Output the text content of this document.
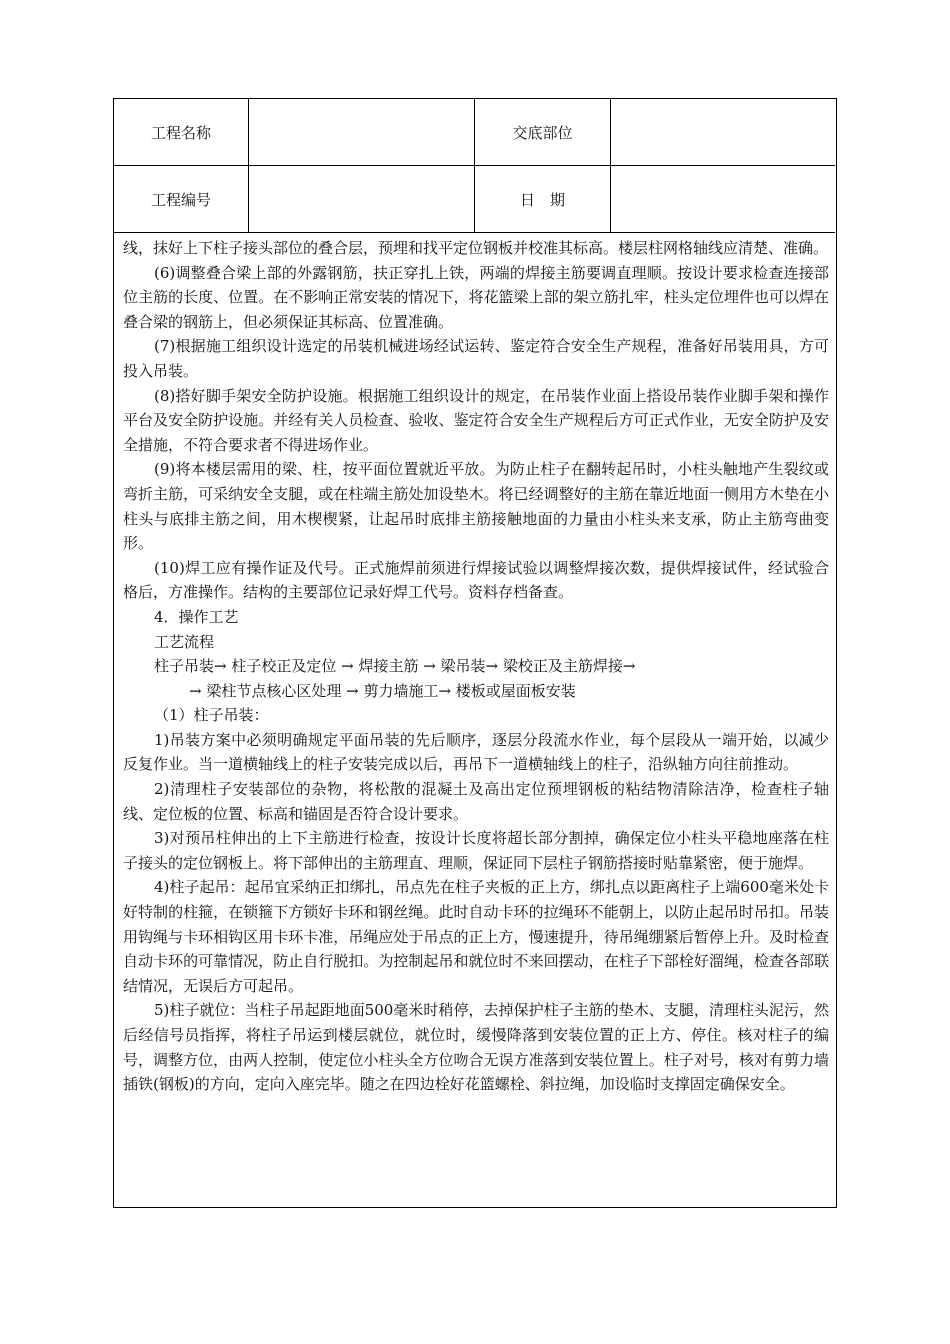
工程名称	交底部位
工程编号	日　期

线，抹好上下柱子接头部位的叠合层，预埋和找平定位钢板并校准其标高。楼层柱网格轴线应清楚、准确。

(6)调整叠合梁上部的外露钢筋，扶正穿扎上铁，两端的焊接主筋要调直理顺。按设计要求检查连接部位主筋的长度、位置。在不影响正常安装的情况下，将花篮梁上部的架立筋扎牢，柱头定位埋件也可以焊在叠合梁的钢筋上，但必须保证其标高、位置准确。

(7)根据施工组织设计选定的吊装机械进场经试运转、鉴定符合安全生产规程，准备好吊装用具，方可投入吊装。

(8)搭好脚手架安全防护设施。根据施工组织设计的规定，在吊装作业面上搭设吊装作业脚手架和操作平台及安全防护设施。并经有关人员检查、验收、鉴定符合安全生产规程后方可正式作业，无安全防护及安全措施，不符合要求者不得进场作业。

(9)将本楼层需用的梁、柱，按平面位置就近平放。为防止柱子在翻转起吊时，小柱头触地产生裂纹或弯折主筋，可采纳安全支腿，或在柱端主筋处加设垫木。将已经调整好的主筋在靠近地面一侧用方木垫在小柱头与底排主筋之间，用木楔楔紧，让起吊时底排主筋接触地面的力量由小柱头来支承，防止主筋弯曲变形。

(10)焊工应有操作证及代号。正式施焊前须进行焊接试验以调整焊接次数，提供焊接试件，经试验合格后，方准操作。结构的主要部位记录好焊工代号。资料存档备查。

4．操作工艺

工艺流程

柱子吊装→ 柱子校正及定位 → 焊接主筋 → 梁吊装→ 梁校正及主筋焊接→

→ 梁柱节点核心区处理 → 剪力墙施工→ 楼板或屋面板安装

（1）柱子吊装：

1)吊装方案中必须明确规定平面吊装的先后顺序，逐层分段流水作业，每个层段从一端开始，以减少反复作业。当一道横轴线上的柱子安装完成以后，再吊下一道横轴线上的柱子，沿纵轴方向往前推动。

2)清理柱子安装部位的杂物，将松散的混凝土及高出定位预埋钢板的粘结物清除洁净，检查柱子轴线、定位板的位置、标高和锚固是否符合设计要求。

3)对预吊柱伸出的上下主筋进行检查，按设计长度将超长部分割掉，确保定位小柱头平稳地座落在柱子接头的定位钢板上。将下部伸出的主筋理直、理顺，保证同下层柱子钢筋搭接时贴靠紧密，便于施焊。

4)柱子起吊：起吊宜采纳正扣绑扎，吊点先在柱子夹板的正上方，绑扎点以距离柱子上端600毫米处卡好特制的柱箍，在锁箍下方锁好卡环和钢丝绳。此时自动卡环的拉绳环不能朝上，以防止起吊时吊扣。吊装用钩绳与卡环相钩区用卡环卡准，吊绳应处于吊点的正上方，慢速提升，待吊绳绷紧后暂停上升。及时检查自动卡环的可靠情况，防止自行脱扣。为控制起吊和就位时不来回摆动，在柱子下部栓好溜绳，检查各部联结情况，无误后方可起吊。

5)柱子就位：当柱子吊起距地面500毫米时稍停，去掉保护柱子主筋的垫木、支腿，清理柱头泥污，然后经信号员指挥，将柱子吊运到楼层就位，就位时，缓慢降落到安装位置的正上方、停住。核对柱子的编号，调整方位，由两人控制，使定位小柱头全方位吻合无误方准落到安装位置上。柱子对号，核对有剪力墙插铁(钢板)的方向，定向入座完毕。随之在四边栓好花篮螺栓、斜拉绳，加设临时支撑固定确保安全。
